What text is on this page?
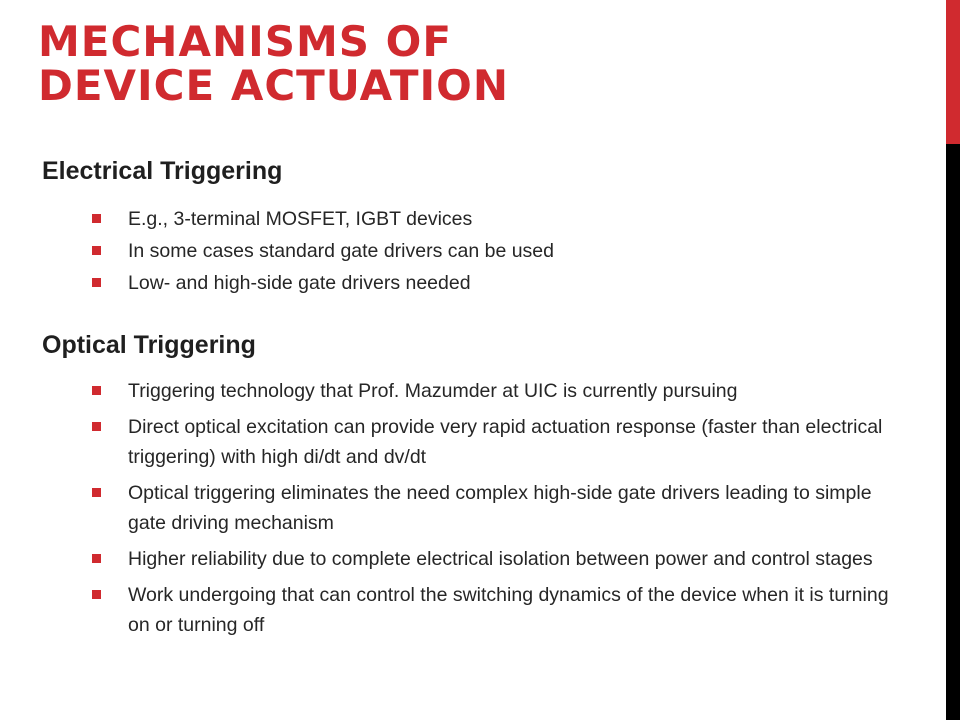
MECHANISMS OF
DEVICE ACTUATION
Electrical Triggering
E.g., 3-terminal MOSFET, IGBT devices
In some cases standard gate drivers can be used
Low- and high-side gate drivers needed
Optical Triggering
Triggering technology that Prof. Mazumder at UIC is currently pursuing
Direct optical excitation can provide very rapid actuation response (faster than electrical triggering) with high di/dt and dv/dt
Optical triggering eliminates the need complex high-side gate drivers leading to simple gate driving mechanism
Higher reliability due to complete electrical isolation between power and control stages
Work undergoing that can control the switching dynamics of the device when it is turning on or turning off
